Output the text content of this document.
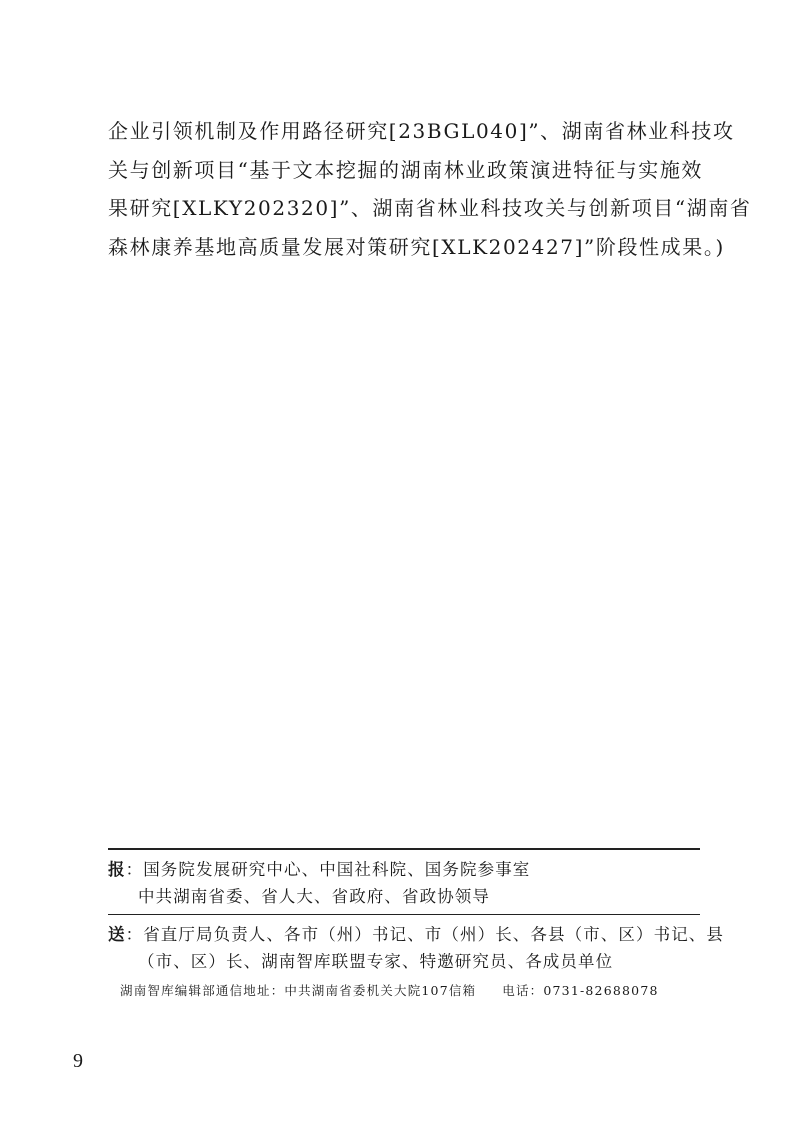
企业引领机制及作用路径研究[23BGL040]”、湖南省林业科技攻
关与创新项目“基于文本挖掘的湖南林业政策演进特征与实施效
果研究[XLKY202320]”、湖南省林业科技攻关与创新项目“湖南省
森林康养基地高质量发展对策研究[XLK202427]”阶段性成果。)
报：国务院发展研究中心、中国社科院、国务院参事室
中共湖南省委、省人大、省政府、省政协领导
送：省直厅局负责人、各市（州）书记、市（州）长、各县（市、区）书记、县
（市、区）长、湖南智库联盟专家、特邀研究员、各成员单位
湖南智库编辑部通信地址：中共湖南省委机关大院107信箱 电话：0731-82688078
9
